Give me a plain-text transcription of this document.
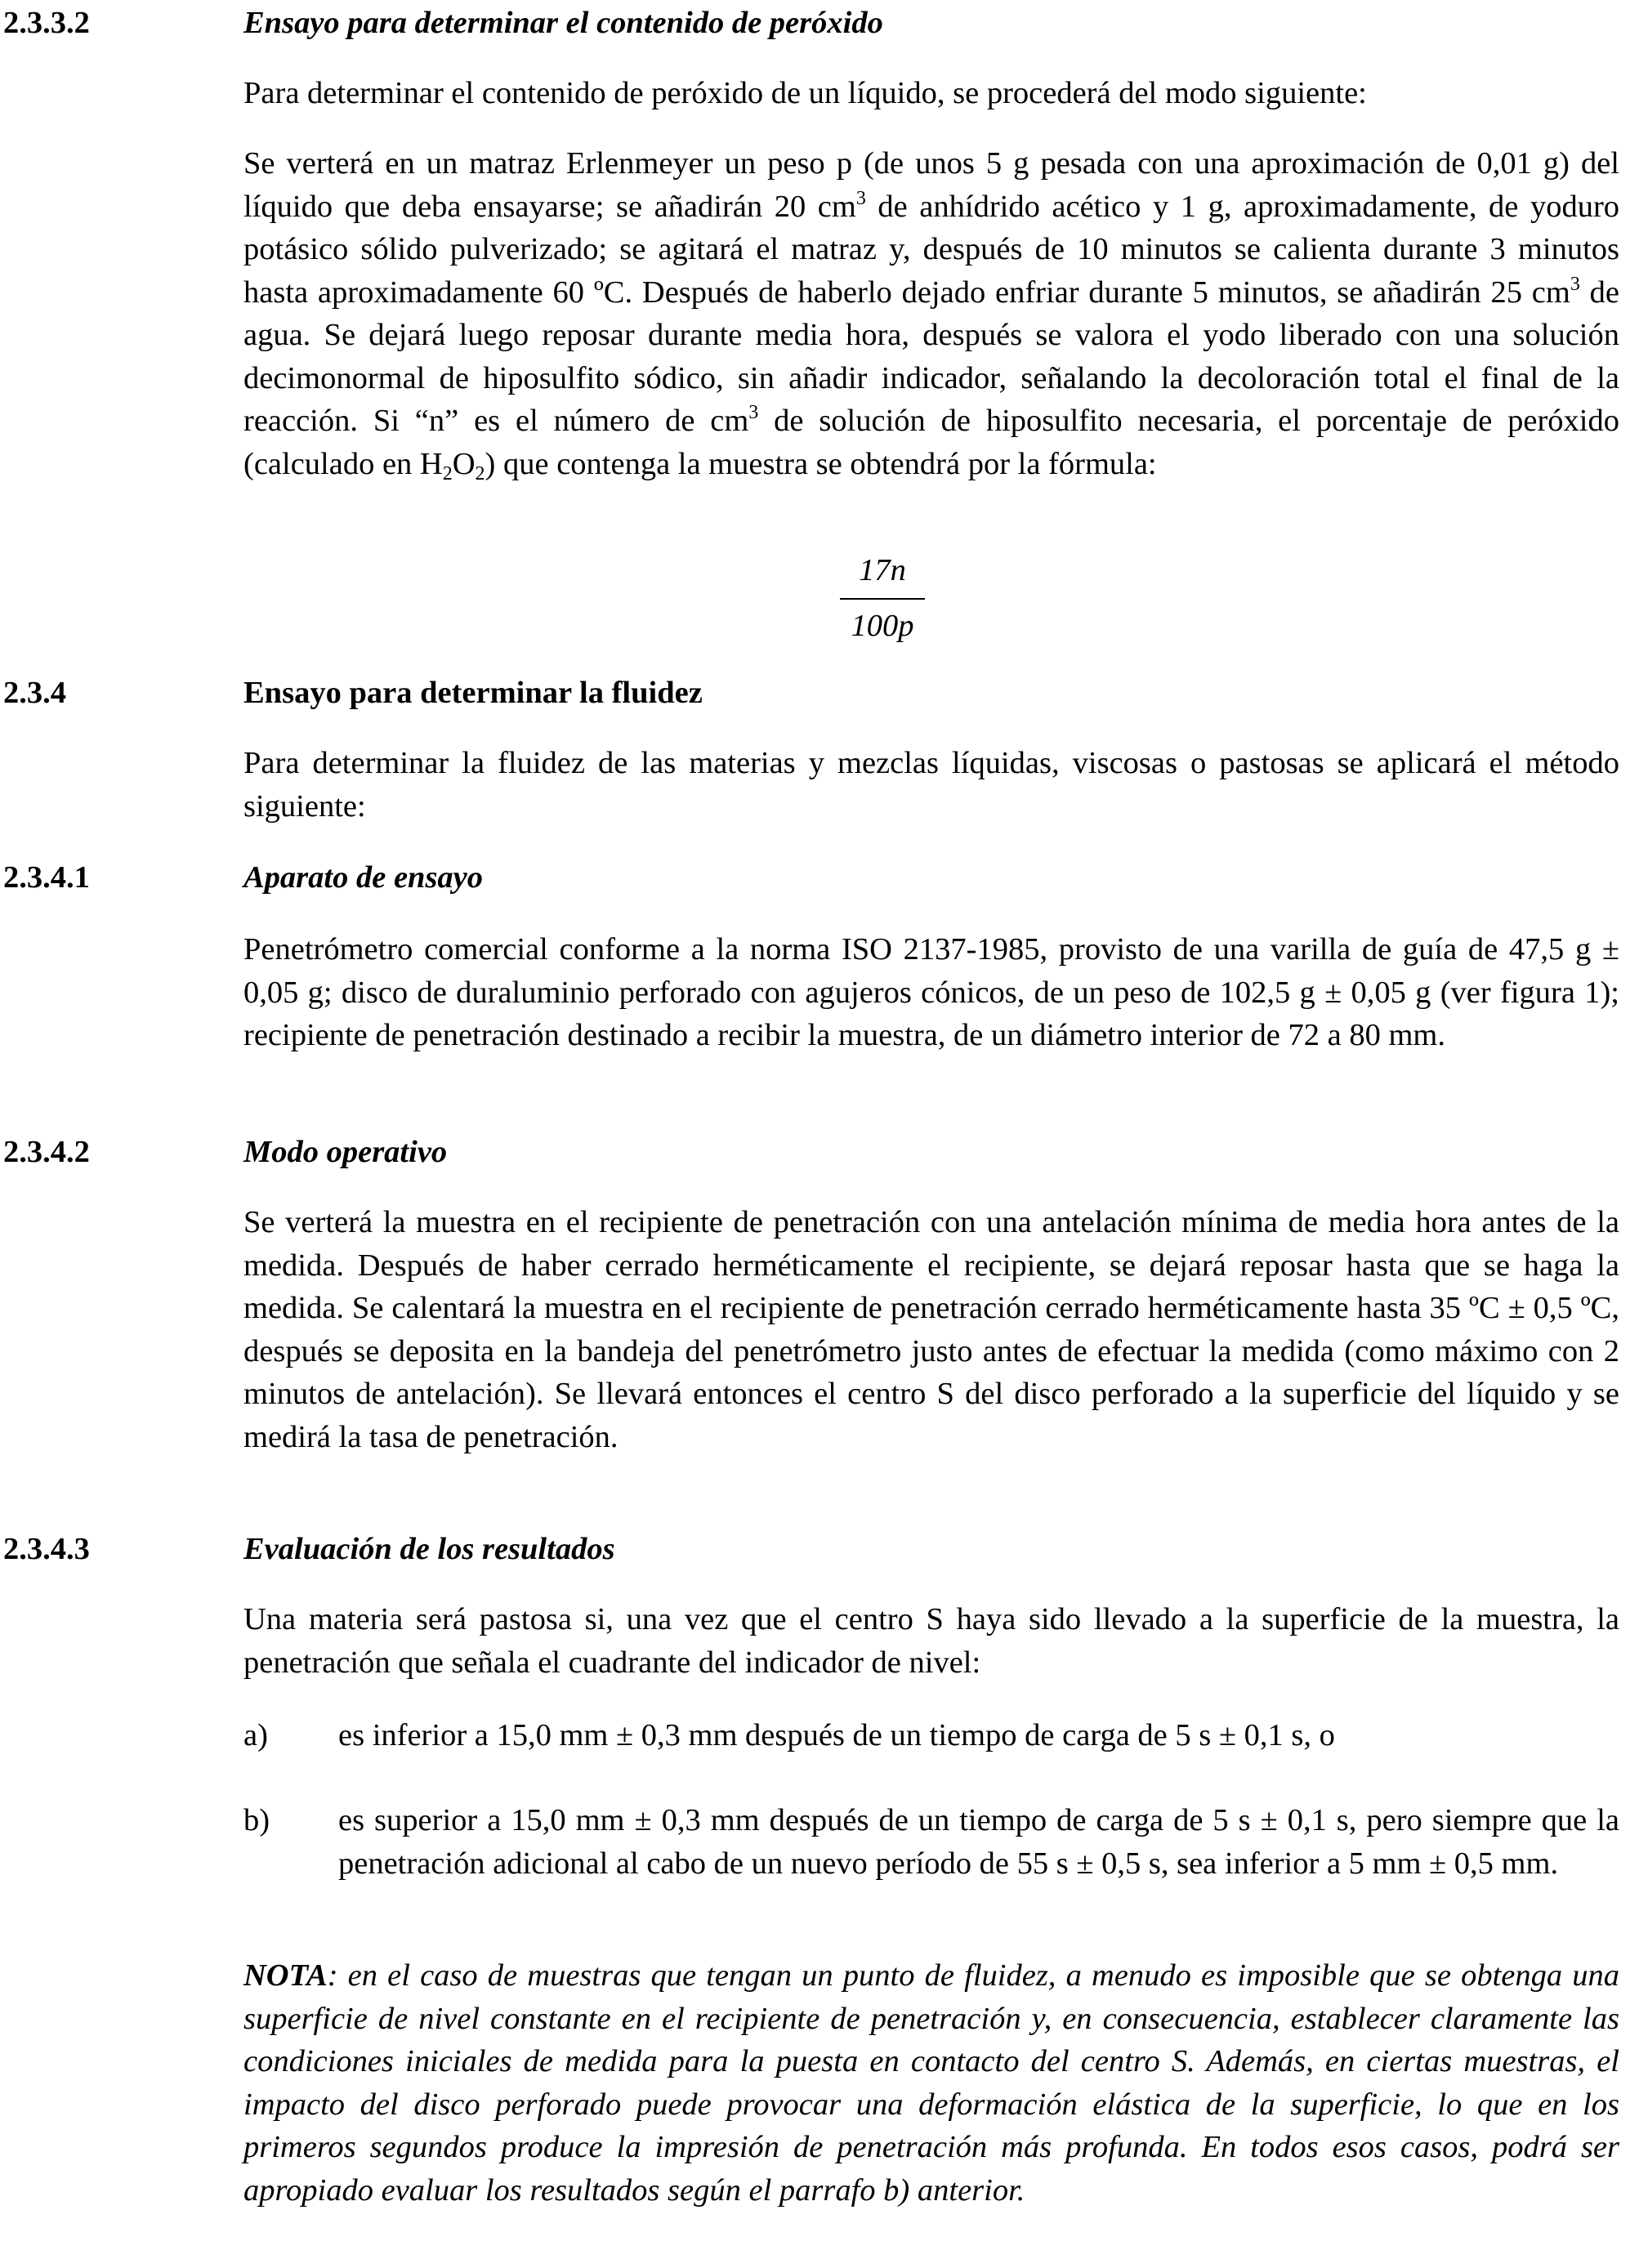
2.3.3.2	Ensayo para determinar el contenido de peróxido
Para determinar el contenido de peróxido de un líquido, se procederá del modo siguiente:
Se verterá en un matraz Erlenmeyer un peso p (de unos 5 g pesada con una aproximación de 0,01 g) del líquido que deba ensayarse; se añadirán 20 $cm^3$ de anhídrido acético y 1 g, aproximadamente, de yoduro potásico sólido pulverizado; se agitará el matraz y, después de 10 minutos se calienta durante 3 minutos hasta aproximadamente 60 ºC. Después de haberlo dejado enfriar durante 5 minutos, se añadirán 25 $cm^3$ de agua. Se dejará luego reposar durante media hora, después se valora el yodo liberado con una solución decimonormal de hiposulfito sódico, sin añadir indicador, señalando la decoloración total el final de la reacción. Si “n” es el número de $cm^3$ de solución de hiposulfito necesaria, el porcentaje de peróxido (calculado en $H_2O_2$) que contenga la muestra se obtendrá por la fórmula:
17n
100p
2.3.4	Ensayo para determinar la fluidez
Para determinar la fluidez de las materias y mezclas líquidas, viscosas o pastosas se aplicará el método siguiente:
2.3.4.1	Aparato de ensayo
Penetrómetro comercial conforme a la norma ISO 2137-1985, provisto de una varilla de guía de 47,5 g ± 0,05 g; disco de duraluminio perforado con agujeros cónicos, de un peso de 102,5 g ± 0,05 g (ver figura 1); recipiente de penetración destinado a recibir la muestra, de un diámetro interior de 72 a 80 mm.
2.3.4.2	Modo operativo
Se verterá la muestra en el recipiente de penetración con una antelación mínima de media hora antes de la medida. Después de haber cerrado herméticamente el recipiente, se dejará reposar hasta que se haga la medida. Se calentará la muestra en el recipiente de penetración cerrado herméticamente hasta 35 ºC ± 0,5 ºC, después se deposita en la bandeja del penetrómetro justo antes de efectuar la medida (como máximo con 2 minutos de antelación). Se llevará entonces el centro S del disco perforado a la superficie del líquido y se medirá la tasa de penetración.
2.3.4.3	Evaluación de los resultados
Una materia será pastosa si, una vez que el centro S haya sido llevado a la superficie de la muestra, la penetración que señala el cuadrante del indicador de nivel:
a) es inferior a 15,0 mm ± 0,3 mm después de un tiempo de carga de 5 s ± 0,1 s, o
b) es superior a 15,0 mm ± 0,3 mm después de un tiempo de carga de 5 s ± 0,1 s, pero siempre que la penetración adicional al cabo de un nuevo período de 55 s ± 0,5 s, sea inferior a 5 mm ± 0,5 mm.
NOTA: en el caso de muestras que tengan un punto de fluidez, a menudo es imposible que se obtenga una superficie de nivel constante en el recipiente de penetración y, en consecuencia, establecer claramente las condiciones iniciales de medida para la puesta en contacto del centro S. Además, en ciertas muestras, el impacto del disco perforado puede provocar una deformación elástica de la superficie, lo que en los primeros segundos produce la impresión de penetración más profunda. En todos esos casos, podrá ser apropiado evaluar los resultados según el parrafo b) anterior.
